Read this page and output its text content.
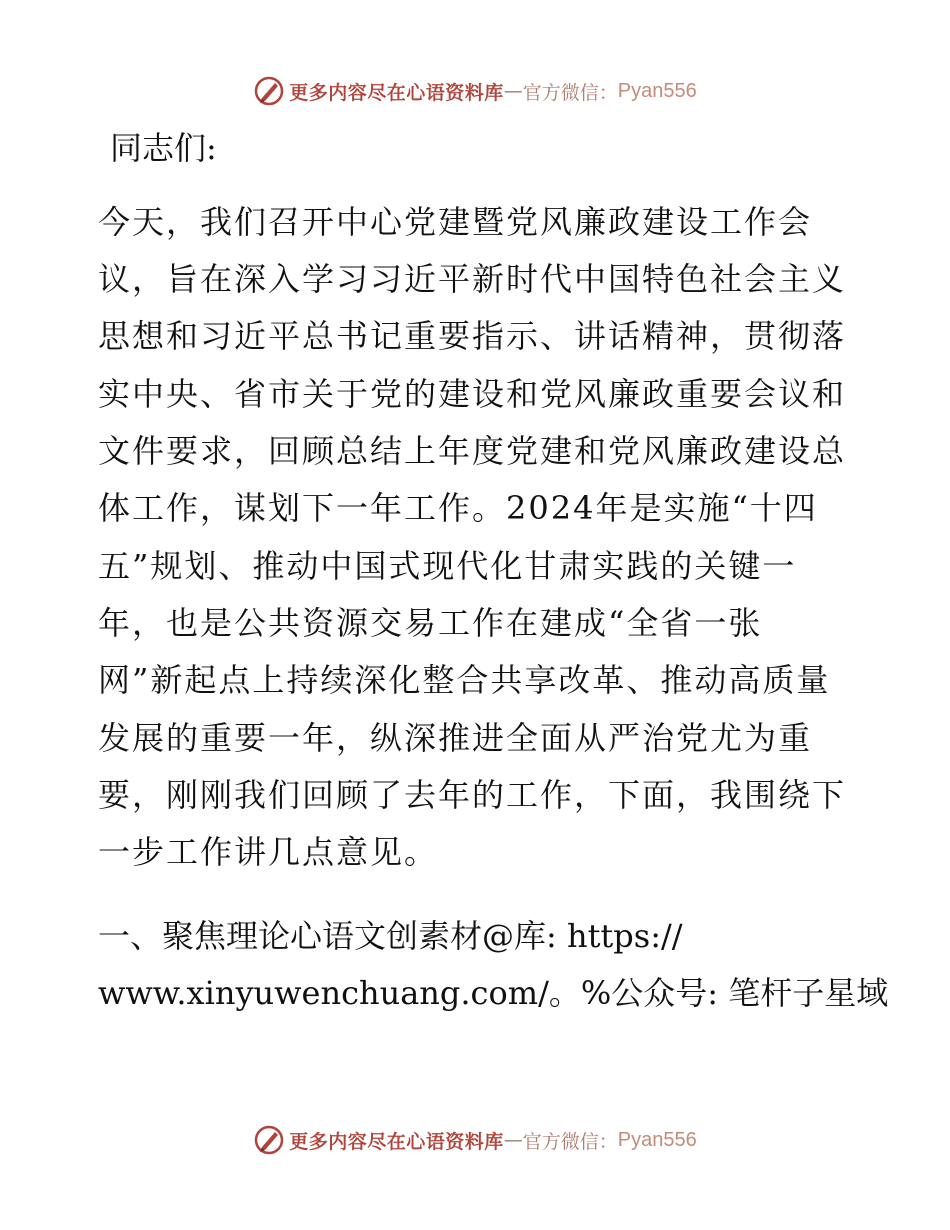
更多内容尽在心语资料库 — 官方微信： Pyan556
同志们:
今天，我们召开中心党建暨党风廉政建设工作会
议，旨在深入学习习近平新时代中国特色社会主义
思想和习近平总书记重要指示、讲话精神，贯彻落
实中央、省市关于党的建设和党风廉政重要会议和
文件要求，回顾总结上年度党建和党风廉政建设总
体工作，谋划下一年工作。2024年是实施“十四
五”规划、推动中国式现代化甘肃实践的关键一
年，也是公共资源交易工作在建成“全省一张
网”新起点上持续深化整合共享改革、推动高质量
发展的重要一年，纵深推进全面从严治党尤为重
要，刚刚我们回顾了去年的工作，下面，我围绕下
一步工作讲几点意见。
一、聚焦理论心语文创素材@库: https://
www.xinyuwenchuang.com/。%公众号: 笔杆子星域
更多内容尽在心语资料库 — 官方微信： Pyan556
